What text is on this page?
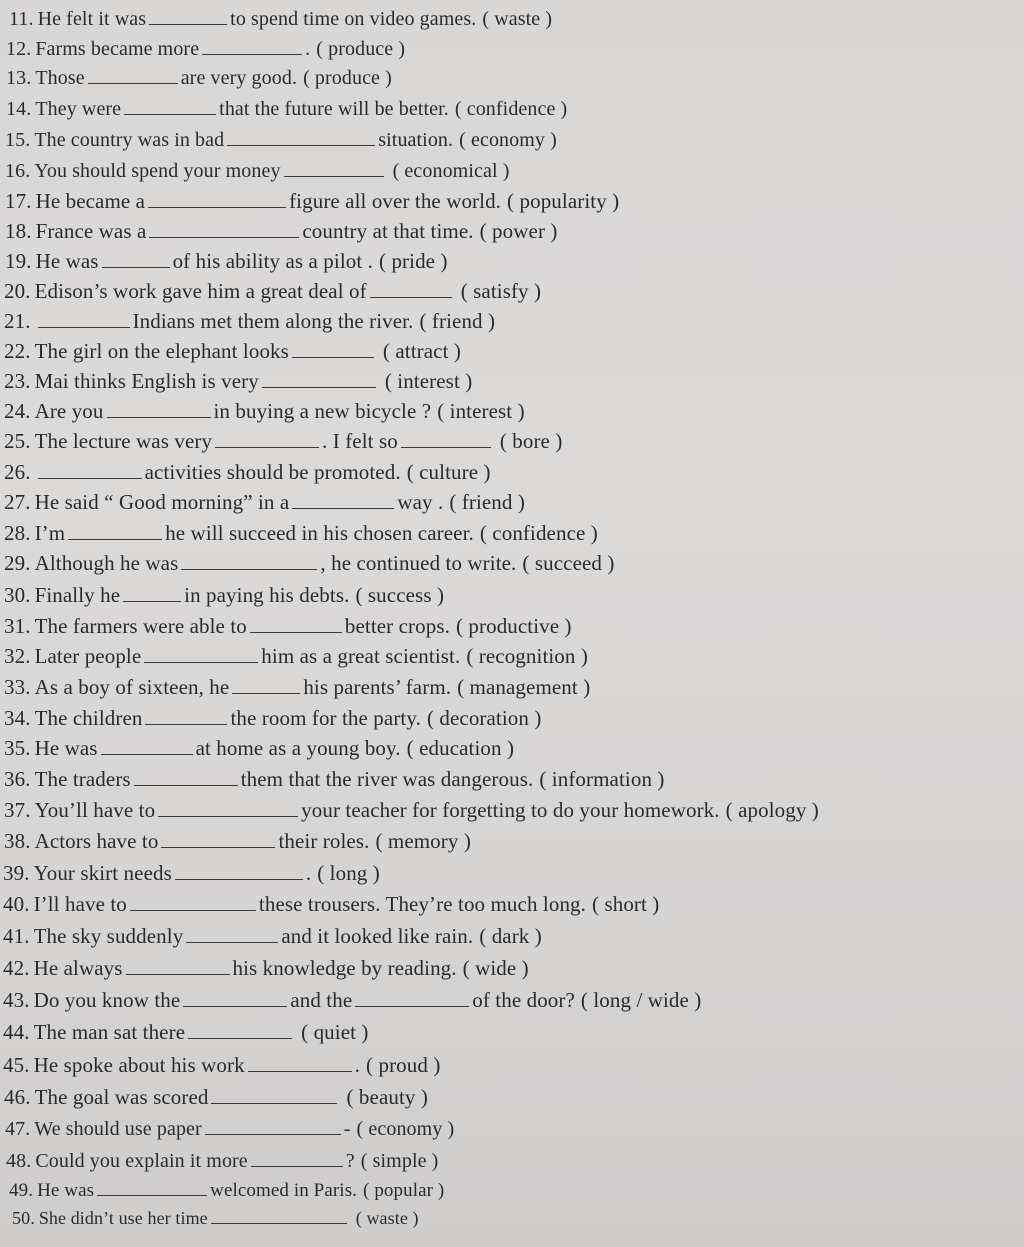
11. He felt it was	to spend time on video games. ( waste )
12. Farms became more	. ( produce )
13. Those	are very good. ( produce )
14. They were	that the future will be better. ( confidence )
15. The country was in bad	situation. ( economy )
16. You should spend your money	( economical )
17. He became a	figure all over the world. ( popularity )
18. France was a	country at that time. ( power )
19. He was	of his ability as a pilot . ( pride )
20. Edison’s work gave him a great deal of	( satisfy )
21.	Indians met them along the river. ( friend )
22. The girl on the elephant looks	( attract )
23. Mai thinks English is very	( interest )
24. Are you	in buying a new bicycle ? ( interest )
25. The lecture was very	. I felt so	( bore )
26.	activities should be promoted. ( culture )
27. He said “ Good morning” in a	way . ( friend )
28. I’m	he will succeed in his chosen career. ( confidence )
29. Although he was	, he continued to write. ( succeed )
30. Finally he	in paying his debts. ( success )
31. The farmers were able to	better crops. ( productive )
32. Later people	him as a great scientist. ( recognition )
33. As a boy of sixteen, he	his parents’ farm. ( management )
34. The children	the room for the party. ( decoration )
35. He was	at home as a young boy. ( education )
36. The traders	them that the river was dangerous. ( information )
37. You’ll have to	your teacher for forgetting to do your homework. ( apology )
38. Actors have to	their roles. ( memory )
39. Your skirt needs	. ( long )
40. I’ll have to	these trousers. They’re too much long. ( short )
41. The sky suddenly	and it looked like rain. ( dark )
42. He always	his knowledge by reading. ( wide )
43. Do you know the	and the	of the door? ( long / wide )
44. The man sat there	( quiet )
45. He spoke about his work	. ( proud )
46. The goal was scored	( beauty )
47. We should use paper	- ( economy )
48. Could you explain it more	? ( simple )
49. He was	welcomed in Paris. ( popular )
50. She didn’t use her time	( waste )
